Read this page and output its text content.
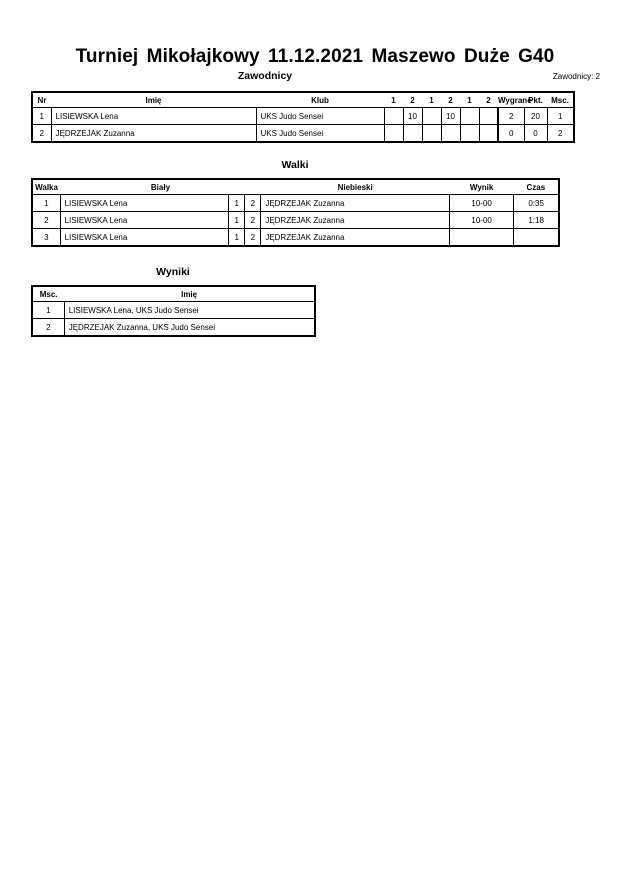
Turniej Mikołajkowy 11.12.2021 Maszewo Duże G40
Zawodnicy	Zawodnicy: 2
Nr	Imię	Klub	1	2	1	2	1	2	Wygrane	Pkt.	Msc.
1	LISIEWSKA Lena	UKS Judo Sensei		10		10			2	20	1
2	JĘDRZEJAK Zuzanna	UKS Judo Sensei							0	0	2
Walki
Walka	Biały			Niebieski	Wynik	Czas
1	LISIEWSKA Lena	1	2	JĘDRZEJAK Zuzanna	10-00	0:35
2	LISIEWSKA Lena	1	2	JĘDRZEJAK Zuzanna	10-00	1:18
3	LISIEWSKA Lena	1	2	JĘDRZEJAK Zuzanna		
Wyniki
Msc.	Imię
1	LISIEWSKA Lena, UKS Judo Sensei
2	JĘDRZEJAK Zuzanna, UKS Judo Sensei
